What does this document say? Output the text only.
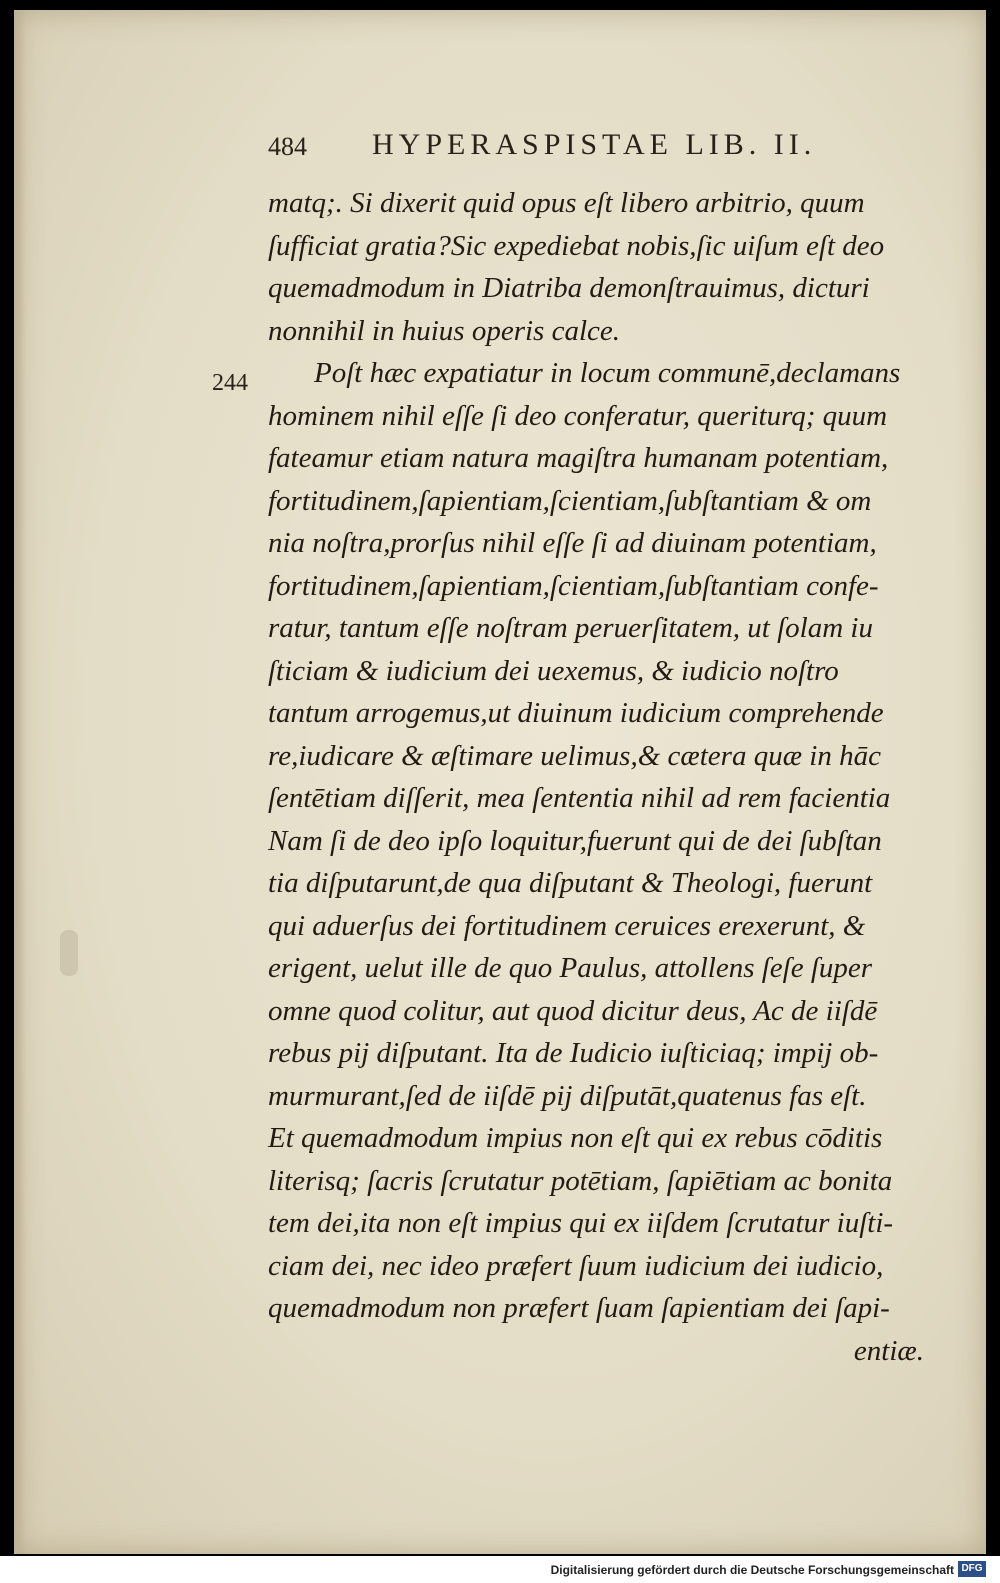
484 HYPERASPISTAE LIB. II.
244
matq;. Si dixerit quid opus eſt libero arbitrio, quum
ſufficiat gratia?Sic expediebat nobis,ſic uiſum eſt deo
quemadmodum in Diatriba demonſtrauimus, dicturi
nonnihil in huius operis calce.
Poſt hæc expatiatur in locum communē,declamans
hominem nihil eſſe ſi deo conferatur, queriturq; quum
fateamur etiam natura magiſtra humanam potentiam,
fortitudinem,ſapientiam,ſcientiam,ſubſtantiam & om
nia noſtra,prorſus nihil eſſe ſi ad diuinam potentiam,
fortitudinem,ſapientiam,ſcientiam,ſubſtantiam confe-
ratur, tantum eſſe noſtram peruerſitatem, ut ſolam iu
ſticiam & iudicium dei uexemus, & iudicio noſtro
tantum arrogemus,ut diuinum iudicium comprehende
re,iudicare & æſtimare uelimus,& cætera quæ in hāc
ſentētiam diſſerit, mea ſententia nihil ad rem facientia
Nam ſi de deo ipſo loquitur,fuerunt qui de dei ſubſtan
tia diſputarunt,de qua diſputant & Theologi, fuerunt
qui aduerſus dei fortitudinem ceruices erexerunt, &
erigent, uelut ille de quo Paulus, attollens ſeſe ſuper
omne quod colitur, aut quod dicitur deus, Ac de iiſdē
rebus pij diſputant. Ita de Iudicio iuſticiaq; impij ob-
murmurant,ſed de iiſdē pij diſputāt,quatenus fas eſt.
Et quemadmodum impius non eſt qui ex rebus cōditis
literisq; ſacris ſcrutatur potētiam, ſapiētiam ac bonita
tem dei,ita non eſt impius qui ex iiſdem ſcrutatur iuſti-
ciam dei, nec ideo præfert ſuum iudicium dei iudicio,
quemadmodum non præfert ſuam ſapientiam dei ſapi-
entiæ.
Digitalisierung gefördert durch die Deutsche Forschungsgemeinschaft DFG
